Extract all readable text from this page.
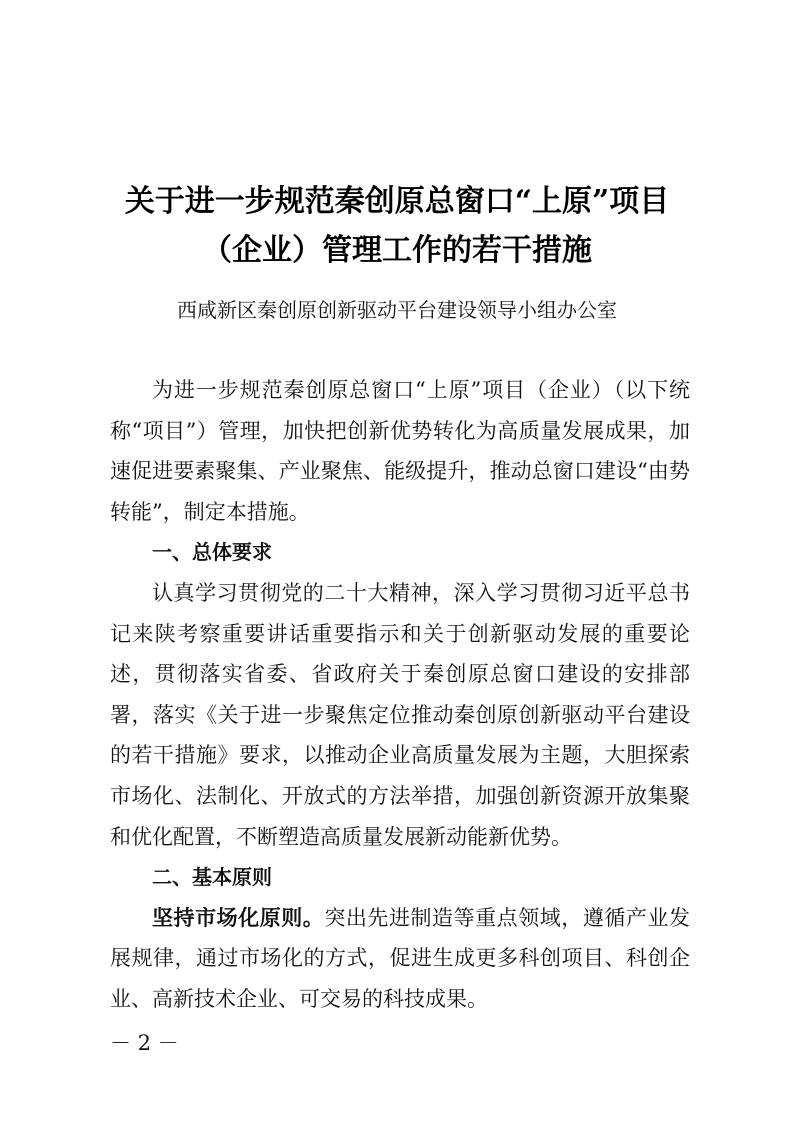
关于进一步规范秦创原总窗口“上原”项目
（企业）管理工作的若干措施
西咸新区秦创原创新驱动平台建设领导小组办公室

为进一步规范秦创原总窗口“上原”项目（企业）（以下统称“项目”）管理，加快把创新优势转化为高质量发展成果，加速促进要素聚集、产业聚焦、能级提升，推动总窗口建设“由势转能”，制定本措施。

一、总体要求

认真学习贯彻党的二十大精神，深入学习贯彻习近平总书记来陕考察重要讲话重要指示和关于创新驱动发展的重要论述，贯彻落实省委、省政府关于秦创原总窗口建设的安排部署，落实《关于进一步聚焦定位推动秦创原创新驱动平台建设的若干措施》要求，以推动企业高质量发展为主题，大胆探索市场化、法制化、开放式的方法举措，加强创新资源开放集聚和优化配置，不断塑造高质量发展新动能新优势。

二、基本原则

坚持市场化原则。突出先进制造等重点领域，遵循产业发展规律，通过市场化的方式，促进生成更多科创项目、科创企业、高新技术企业、可交易的科技成果。

－ 2 －
